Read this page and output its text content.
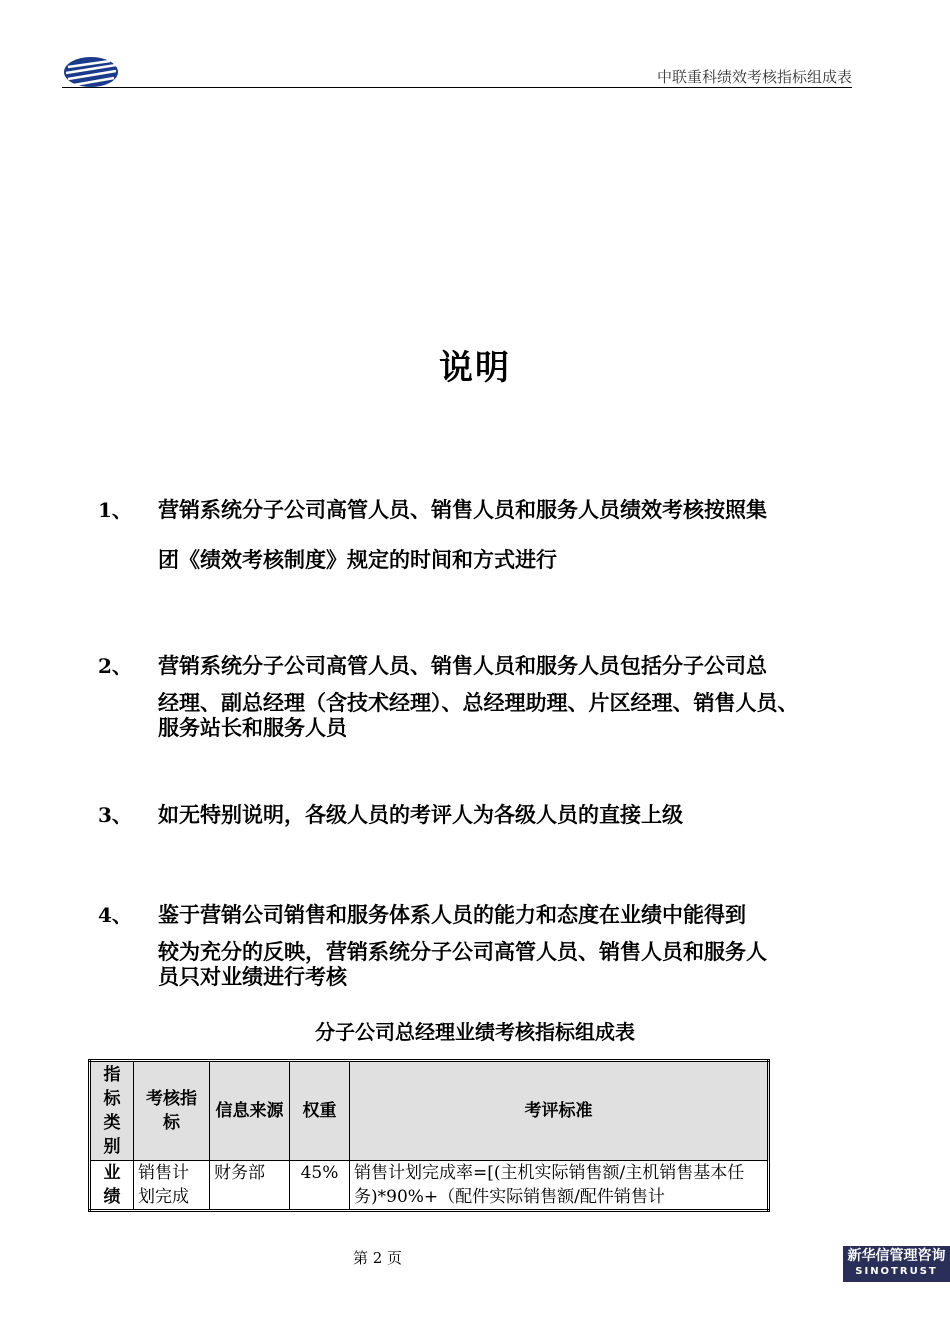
中联重科绩效考核指标组成表
说明
1、	营销系统分子公司高管人员、销售人员和服务人员绩效考核按照集
团《绩效考核制度》规定的时间和方式进行
2、	营销系统分子公司高管人员、销售人员和服务人员包括分子公司总
经理、副总经理（含技术经理）、总经理助理、片区经理、销售人员、
服务站长和服务人员
3、	如无特别说明，各级人员的考评人为各级人员的直接上级
4、	鉴于营销公司销售和服务体系人员的能力和态度在业绩中能得到
较为充分的反映，营销系统分子公司高管人员、销售人员和服务人
员只对业绩进行考核
分子公司总经理业绩考核指标组成表
指标类别	考核指标	信息来源	权重	考评标准

业绩	销售计划完成	财务部	45%	销售计划完成率=[(主机实际销售额/主机销售基本任务)*90%+（配件实际销售额/配件销售计
第 2 页	新华信管理咨询
SINOTRUST
